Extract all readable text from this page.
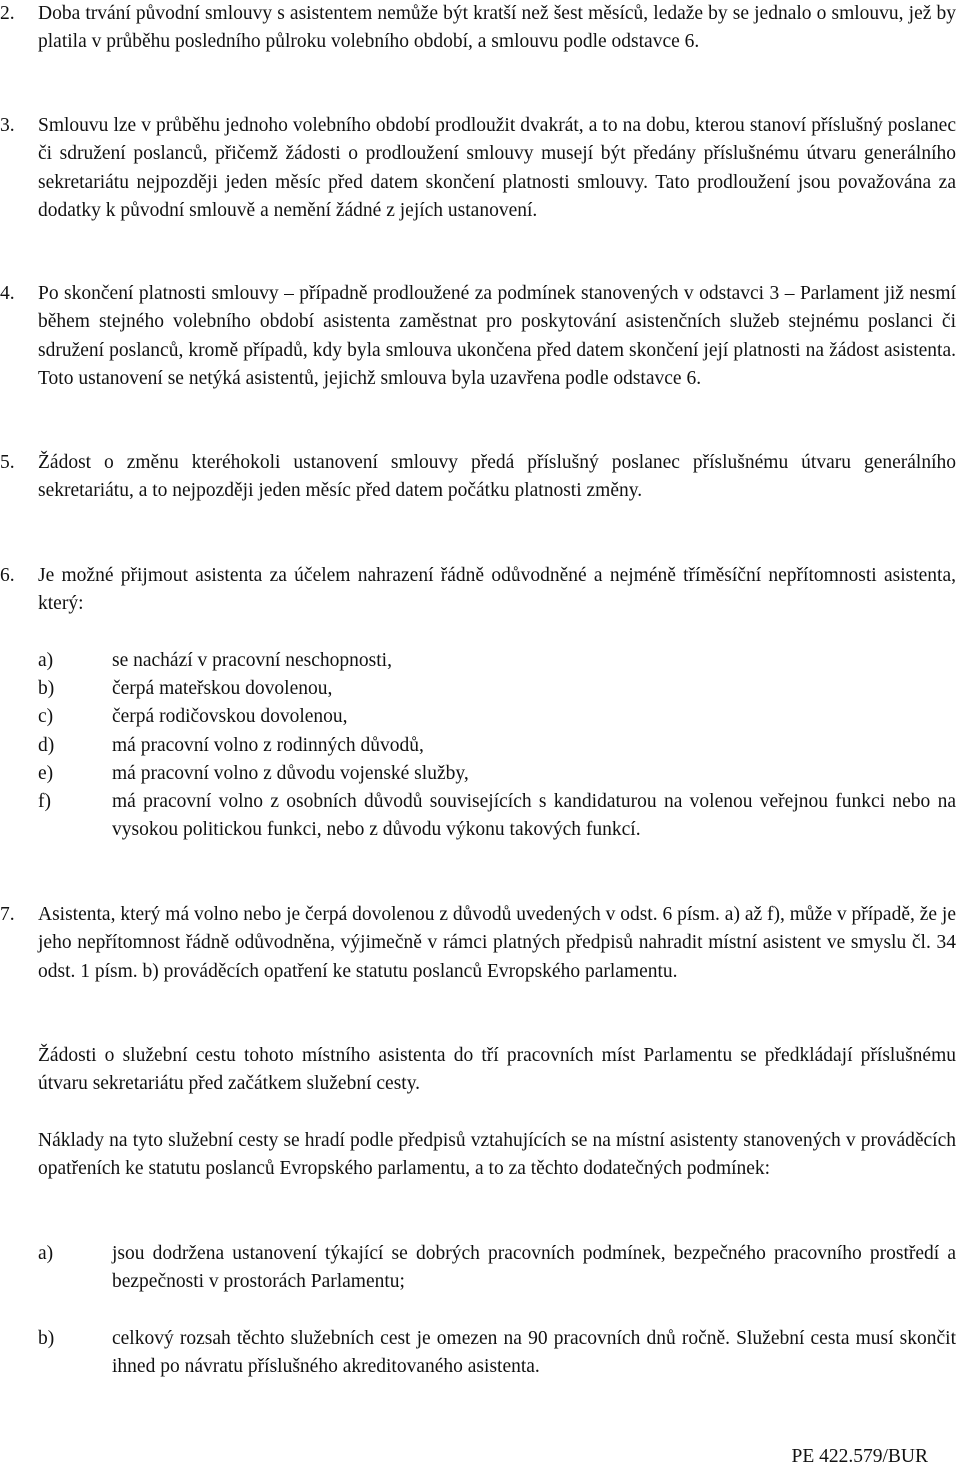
2.	Doba trvání původní smlouvy s asistentem nemůže být kratší než šest měsíců, ledaže by se jednalo o smlouvu, jež by platila v průběhu posledního půlroku volebního období, a smlouvu podle odstavce 6.
3.	Smlouvu lze v průběhu jednoho volebního období prodloužit dvakrát, a to na dobu, kterou stanoví příslušný poslanec či sdružení poslanců, přičemž žádosti o prodloužení smlouvy musejí být předány příslušnému útvaru generálního sekretariátu nejpozději jeden měsíc před datem skončení platnosti smlouvy. Tato prodloužení jsou považována za dodatky k původní smlouvě a nemění žádné z jejích ustanovení.
4.	Po skončení platnosti smlouvy – případně prodloužené za podmínek stanovených v odstavci 3 – Parlament již nesmí během stejného volebního období asistenta zaměstnat pro poskytování asistenčních služeb stejnému poslanci či sdružení poslanců, kromě případů, kdy byla smlouva ukončena před datem skončení její platnosti na žádost asistenta. Toto ustanovení se netýká asistentů, jejichž smlouva byla uzavřena podle odstavce 6.
5.	Žádost o změnu kteréhokoli ustanovení smlouvy předá příslušný poslanec příslušnému útvaru generálního sekretariátu, a to nejpozději jeden měsíc před datem počátku platnosti změny.
6.	Je možné přijmout asistenta za účelem nahrazení řádně odůvodněné a nejméně tříměsíční nepřítomnosti asistenta, který:
a)	se nachází v pracovní neschopnosti,
b)	čerpá mateřskou dovolenou,
c)	čerpá rodičovskou dovolenou,
d)	má pracovní volno z rodinných důvodů,
e)	má pracovní volno z důvodu vojenské služby,
f)	má pracovní volno z osobních důvodů souvisejících s kandidaturou na volenou veřejnou funkci nebo na vysokou politickou funkci, nebo z důvodu výkonu takových funkcí.
7.	Asistenta, který má volno nebo je čerpá dovolenou z důvodů uvedených v odst. 6 písm. a) až f), může v případě, že je jeho nepřítomnost řádně odůvodněna, výjimečně v rámci platných předpisů nahradit místní asistent ve smyslu čl. 34 odst. 1 písm. b) prováděcích opatření ke statutu poslanců Evropského parlamentu.
Žádosti o služební cestu tohoto místního asistenta do tří pracovních míst Parlamentu se předkládají příslušnému útvaru sekretariátu před začátkem služební cesty.
Náklady na tyto služební cesty se hradí podle předpisů vztahujících se na místní asistenty stanovených v prováděcích opatřeních ke statutu poslanců Evropského parlamentu, a to za těchto dodatečných podmínek:
a)	jsou dodržena ustanovení týkající se dobrých pracovních podmínek, bezpečného pracovního prostředí a bezpečnosti v prostorách Parlamentu;
b)	celkový rozsah těchto služebních cest je omezen na 90 pracovních dnů ročně. Služební cesta musí skončit ihned po návratu příslušného akreditovaného asistenta.
PE 422.579/BUR
